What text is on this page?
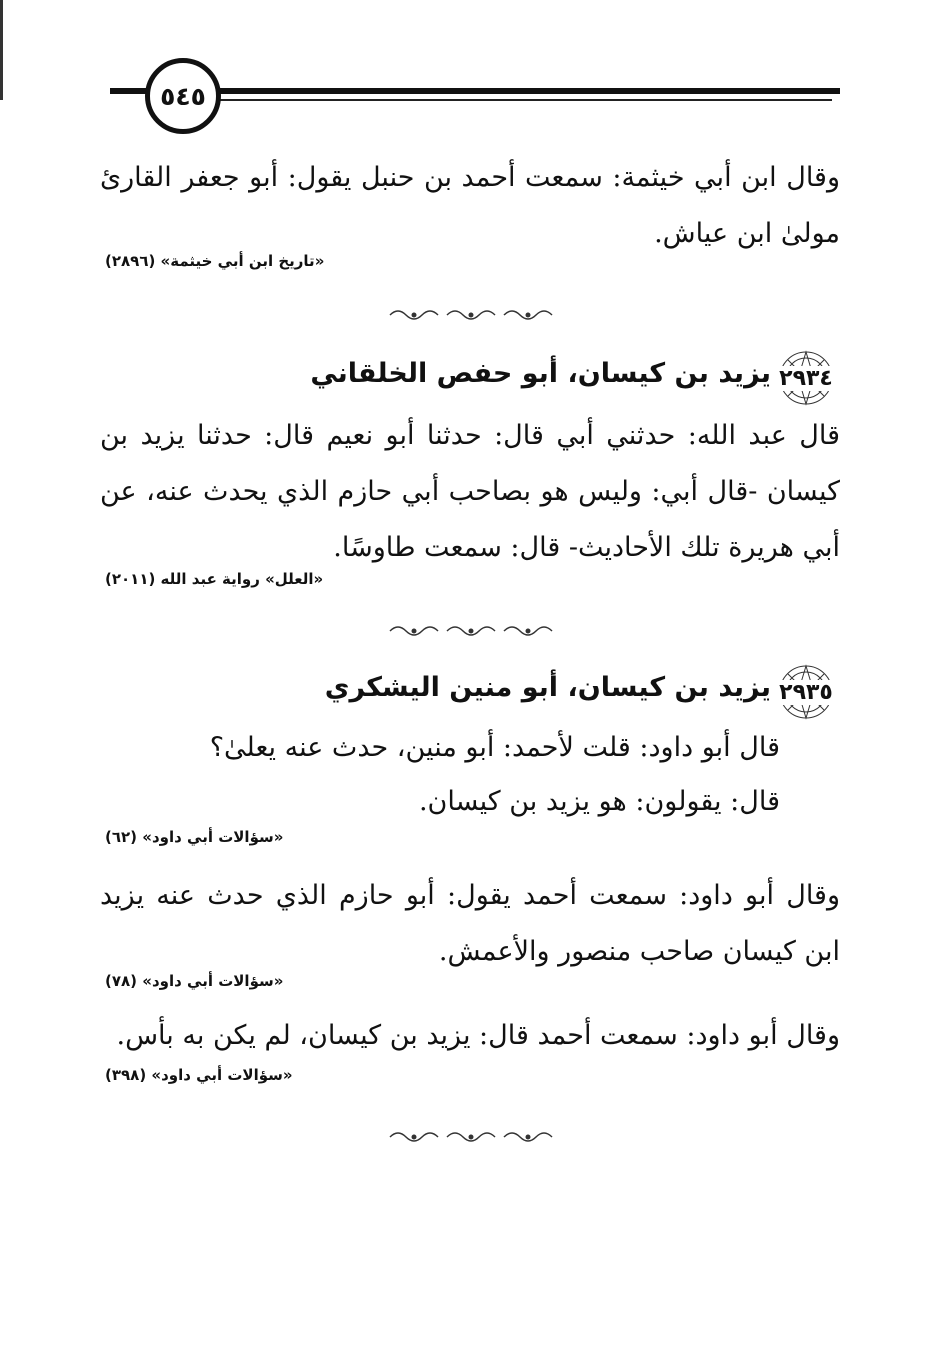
٥٤٥
وقال ابن أبي خيثمة: سمعت أحمد بن حنبل يقول: أبو جعفر القارئ مولىٰ ابن عياش.
«تاريخ ابن أبي خيثمة» (٢٨٩٦)
٢٩٣٤
يزيد بن كيسان، أبو حفص الخلقاني
قال عبد الله: حدثني أبي قال: حدثنا أبو نعيم قال: حدثنا يزيد بن كيسان -قال أبي: وليس هو بصاحب أبي حازم الذي يحدث عنه، عن أبي هريرة تلك الأحاديث- قال: سمعت طاوسًا.
«العلل» رواية عبد الله (٢٠١١)
٢٩٣٥
يزيد بن كيسان، أبو منين اليشكري
قال أبو داود: قلت لأحمد: أبو منين، حدث عنه يعلىٰ؟
قال: يقولون: هو يزيد بن كيسان.
«سؤالات أبي داود» (٦٢)
وقال أبو داود: سمعت أحمد يقول: أبو حازم الذي حدث عنه يزيد ابن كيسان صاحب منصور والأعمش.
«سؤالات أبي داود» (٧٨)
وقال أبو داود: سمعت أحمد قال: يزيد بن كيسان، لم يكن به بأس.
«سؤالات أبي داود» (٣٩٨)
